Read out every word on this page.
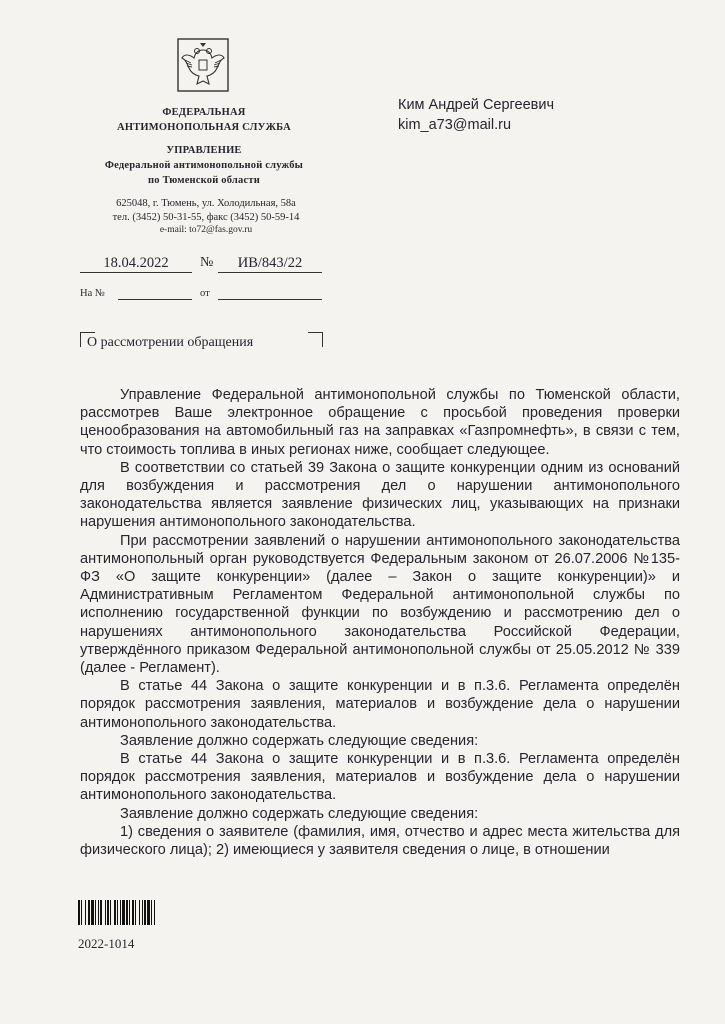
ФЕДЕРАЛЬНАЯ
АНТИМОНОПОЛЬНАЯ СЛУЖБА
УПРАВЛЕНИЕ
Федеральной антимонопольной службы
по Тюменской области
625048, г. Тюмень, ул. Холодильная, 58а
тел. (3452) 50-31-55, факс (3452) 50-59-14
e-mail: to72@fas.gov.ru
Ким Андрей Сергеевич
kim_a73@mail.ru
18.04.2022	№	ИВ/843/22
На №	от
О рассмотрении обращения

Управление Федеральной антимонопольной службы по Тюменской области, рассмотрев Ваше электронное обращение с просьбой проведения проверки ценообразования на автомобильный газ на заправках «Газпромнефть», в связи с тем, что стоимость топлива в иных регионах ниже, сообщает следующее.

В соответствии со статьей 39 Закона о защите конкуренции одним из оснований для возбуждения и рассмотрения дел о нарушении антимонопольного законодательства является заявление физических лиц, указывающих на признаки нарушения антимонопольного законодательства.

При рассмотрении заявлений о нарушении антимонопольного законодательства антимонопольный орган руководствуется Федеральным законом от 26.07.2006 №135-ФЗ «О защите конкуренции» (далее – Закон о защите конкуренции)» и Административным Регламентом Федеральной антимонопольной службы по исполнению государственной функции по возбуждению и рассмотрению дел о нарушениях антимонопольного законодательства Российской Федерации, утверждённого приказом Федеральной антимонопольной службы от 25.05.2012 № 339 (далее - Регламент).

В статье 44 Закона о защите конкуренции и в п.3.6. Регламента определён порядок рассмотрения заявления, материалов и возбуждение дела о нарушении антимонопольного законодательства.

Заявление должно содержать следующие сведения:

В статье 44 Закона о защите конкуренции и в п.3.6. Регламента определён порядок рассмотрения заявления, материалов и возбуждение дела о нарушении антимонопольного законодательства.

Заявление должно содержать следующие сведения:

1) сведения о заявителе (фамилия, имя, отчество и адрес места жительства для физического лица); 2) имеющиеся у заявителя сведения о лице, в отношении

2022-1014
